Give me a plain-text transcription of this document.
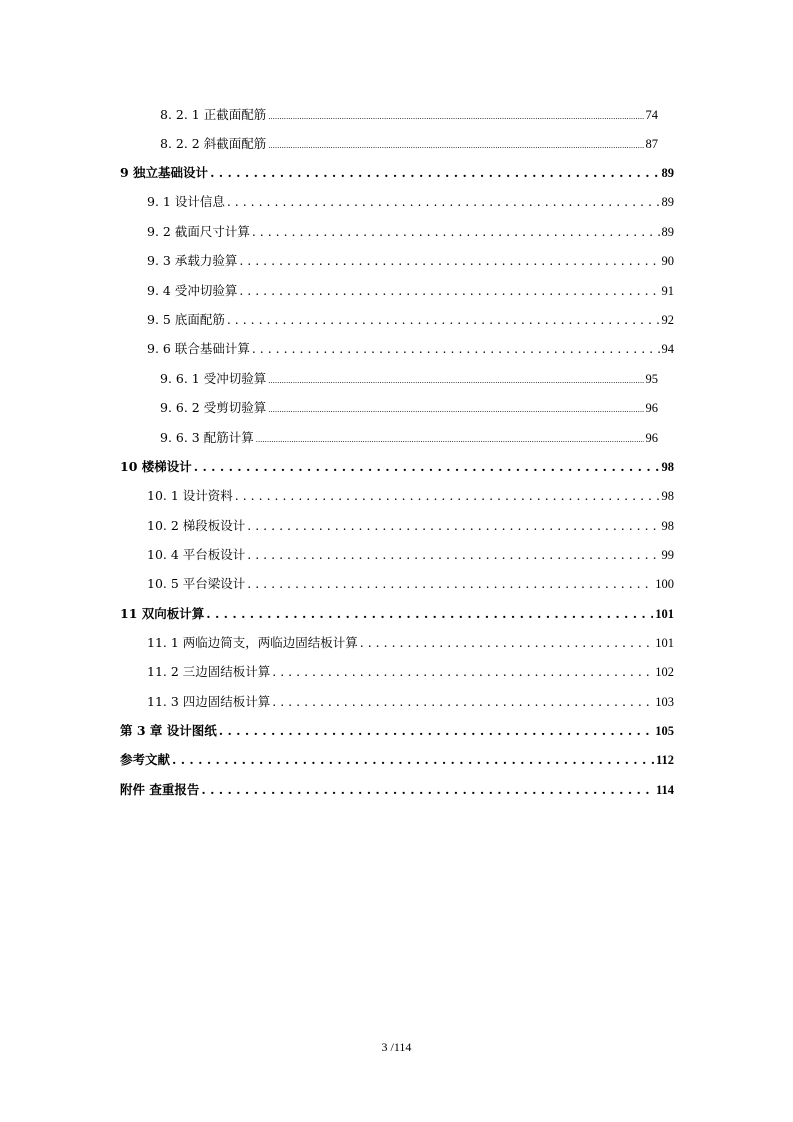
8. 2. 1 正截面配筋 .....	74
8. 2. 2 斜截面配筋 .....	87
9 独立基础设计 . . .	89
9. 1 设计信息 . . .	89
9. 2 截面尺寸计算 . . .	89
9. 3 承载力验算 . . .	90
9. 4 受冲切验算 . . .	91
9. 5 底面配筋 . . .	92
9. 6 联合基础计算 . . .	94
9. 6. 1 受冲切验算 .....	95
9. 6. 2 受剪切验算 .....	96
9. 6. 3 配筋计算 .....	96
10 楼梯设计 . . .	98
10. 1 设计资料 . . .	98
10. 2 梯段板设计 . . .	98
10. 4 平台板设计 . . .	99
10. 5 平台梁设计 . . .	100
11 双向板计算 . . .	101
11. 1 两临边简支，两临边固结板计算 . . .	101
11. 2 三边固结板计算 . . .	102
11. 3 四边固结板计算 . . .	103
第 3 章 设计图纸 . . .	105
参考文献 . . .	112
附件 查重报告 . . .	114
3 /114
